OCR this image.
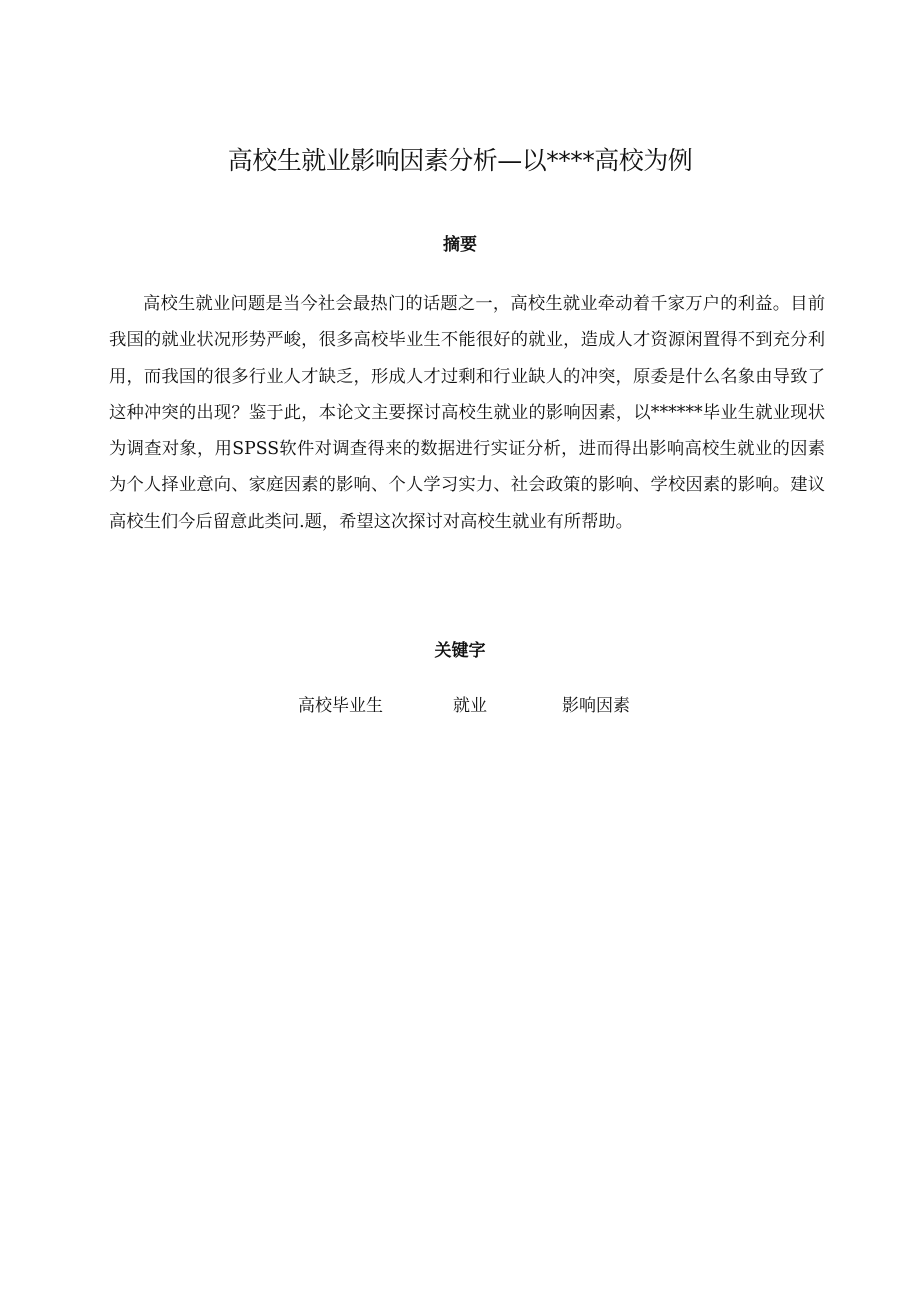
高校生就业影响因素分析—以****高校为例
摘要

高校生就业问题是当今社会最热门的话题之一，高校生就业牵动着千家万户的利益。目前我国的就业状况形势严峻，很多高校毕业生不能很好的就业，造成人才资源闲置得不到充分利用，而我国的很多行业人才缺乏，形成人才过剩和行业缺人的冲突，原委是什么名象由导致了这种冲突的出现？鉴于此，本论文主要探讨高校生就业的影响因素，以******毕业生就业现状为调查对象，用SPSS软件对调查得来的数据进行实证分析，进而得出影响高校生就业的因素为个人择业意向、家庭因素的影响、个人学习实力、社会政策的影响、学校因素的影响。建议高校生们今后留意此类问.题，希望这次探讨对高校生就业有所帮助。

关键字
高校毕业生	就业	影响因素
